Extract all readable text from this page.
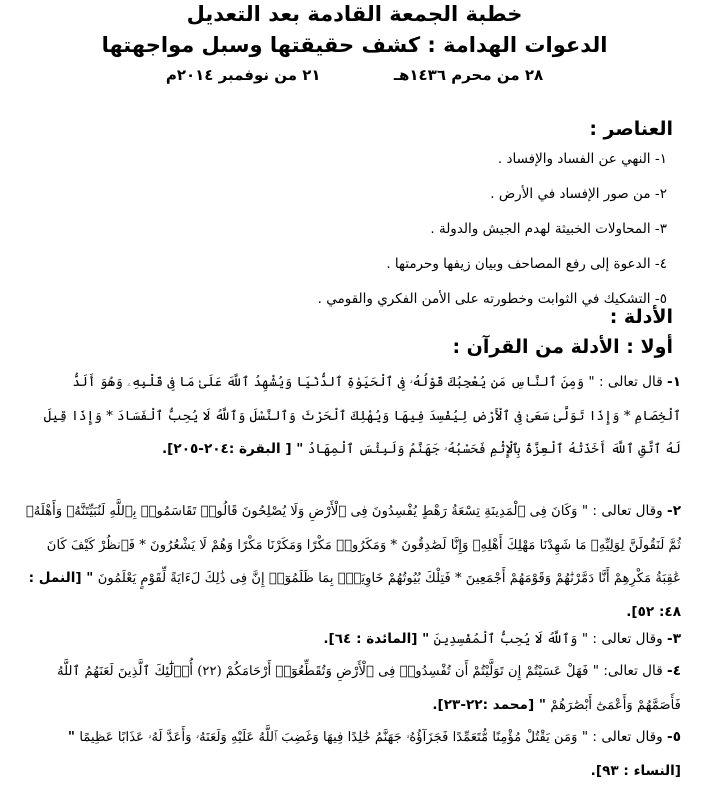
خطبة الجمعة القادمة بعد التعديل
الدعوات الهدامة : كشف حقيقتها وسبل مواجهتها
٢٨ من محرم ١٤٣٦هـ ٢١ من نوفمبر ٢٠١٤م
العناصر :
١- النهي عن الفساد والإفساد .
٢- من صور الإفساد في الأرض .
٣- المحاولات الخبيثة لهدم الجيش والدولة .
٤- الدعوة إلى رفع المصاحف وبيان زيفها وحرمتها .
٥- التشكيك في الثوابت وخطورته على الأمن الفكري والقومي .
الأدلة :
أولا : الأدلة من القرآن :
١- قال تعالى : " وَمِنَ ٱلنَّاسِ مَن يُعْجِبُكَ قَوْلُهُۥ فِى ٱلْحَيَوٰةِ ٱلدُّنْيَا وَيُشْهِدُ ٱللَّهَ عَلَىٰ مَا فِى قَلْبِهِۦ وَهُوَ أَلَدُّ ٱلْخِصَامِ * وَإِذَا تَوَلَّىٰ سَعَىٰ فِى ٱلْأَرْضِ لِيُفْسِدَ فِيهَا وَيُهْلِكَ ٱلْحَرْثَ وَٱلنَّسْلَ وَٱللَّهُ لَا يُحِبُّ ٱلْفَسَادَ * وَإِذَا قِيلَ لَهُ ٱتَّقِ ٱللَّهَ أَخَذَتْهُ ٱلْعِزَّةُ بِٱلْإِثْمِ فَحَسْبُهُۥ جَهَنَّمُ وَلَبِئْسَ ٱلْمِهَادُ " [ البقرة :٢٠٤-٢٠٥].
٢- وقال تعالى : " وَكَانَ فِى ٱلْمَدِينَةِ تِسْعَةُ رَهْطٍ يُفْسِدُونَ فِى ٱلْأَرْضِ وَلَا يُصْلِحُونَ قَالُوا۟ تَقَاسَمُوا۟ بِٱللَّهِ لَنُبَيِّتَنَّهُۥ وَأَهْلَهُۥ ثُمَّ لَنَقُولَنَّ لِوَلِيِّهِۦ مَا شَهِدْنَا مَهْلِكَ أَهْلِهِۦ وَإِنَّا لَصَٰدِقُونَ * وَمَكَرُوا۟ مَكْرًا وَمَكَرْنَا مَكْرًا وَهُمْ لَا يَشْعُرُونَ * فَٱنظُرْ كَيْفَ كَانَ عَٰقِبَةُ مَكْرِهِمْ أَنَّا دَمَّرْنَٰهُمْ وَقَوْمَهُمْ أَجْمَعِينَ * فَتِلْكَ بُيُوتُهُمْ خَاوِيَةًۢ بِمَا ظَلَمُوٓا۟ إِنَّ فِى ذَٰلِكَ لَءَايَةً لِّقَوْمٍ يَعْلَمُونَ " [النمل : ٤٨: ٥٢].
٣- وقال تعالى : " وَٱللَّهُ لَا يُحِبُّ ٱلْمُفْسِدِينَ " [المائدة : ٦٤].
٤- قال تعالى: " فَهَلْ عَسَيْتُمْ إِن تَوَلَّيْتُمْ أَن تُفْسِدُوا۟ فِى ٱلْأَرْضِ وَتُقَطِّعُوٓا۟ أَرْحَامَكُمْ (٢٢) أُو۟لَٰٓئِكَ ٱلَّذِينَ لَعَنَهُمُ ٱللَّهُ فَأَصَمَّهُمْ وَأَعْمَىٰٓ أَبْصَٰرَهُمْ " [محمد :٢٢-٢٣].
٥- وقال تعالى : " وَمَن يَقْتُلْ مُؤْمِنًا مُّتَعَمِّدًا فَجَزَآؤُهُۥ جَهَنَّمُ خَٰلِدًا فِيهَا وَغَضِبَ ٱللَّهُ عَلَيْهِ وَلَعَنَهُۥ وَأَعَدَّ لَهُۥ عَذَابًا عَظِيمًا " [النساء : ٩٣].
